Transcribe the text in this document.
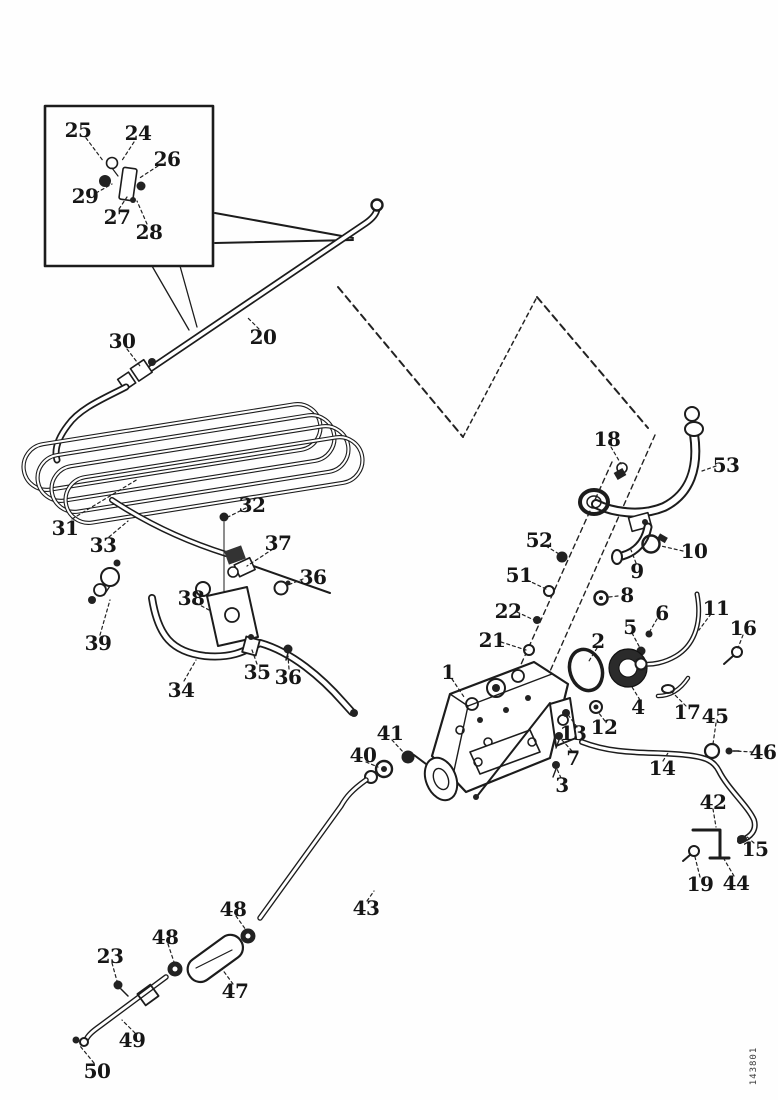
25 24
26
29
27
28
30	20
31
33
32
37
36
38
39
34
35 36
18
53
10
9
52
51
8
6
22
5
21	2
11
16
1
4 17 45
12
13
46
7	14
3
41
40
42
15
19 44
43
48
48
23
47
49
50	143801
